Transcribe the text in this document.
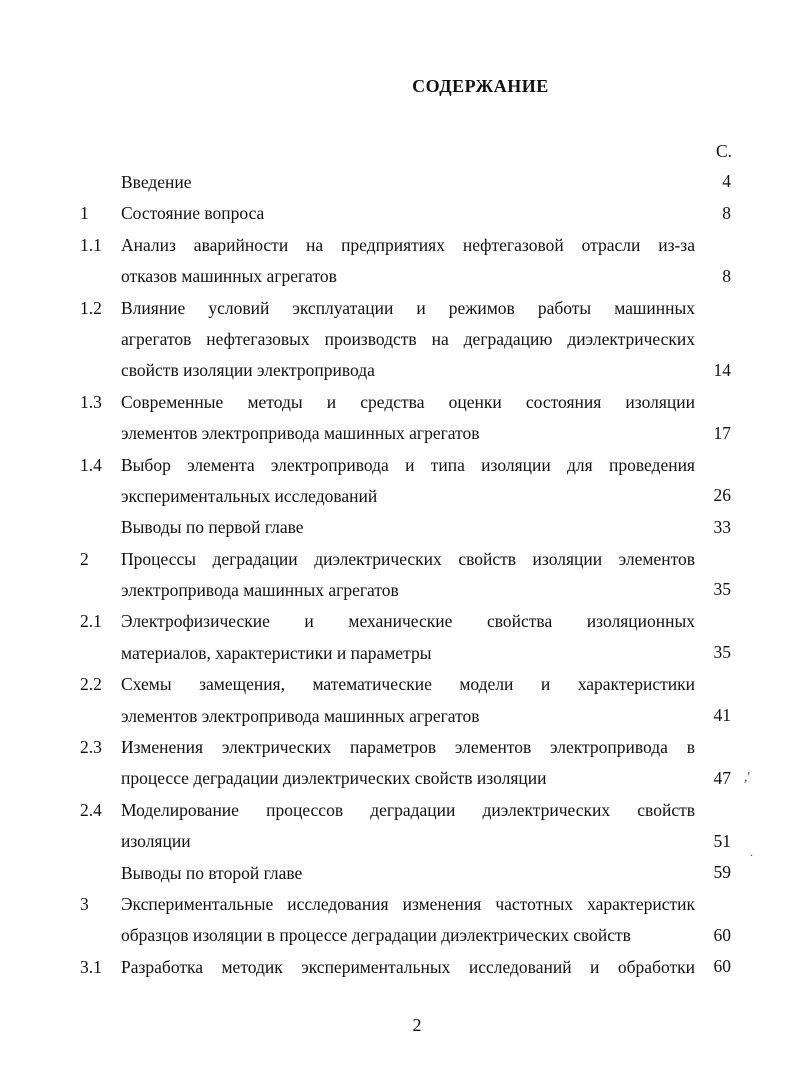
СОДЕРЖАНИЕ
С.
Введение	4
1 Состояние вопроса	8
1.1 Анализ аварийности на предприятиях нефтегазовой отрасли из-за
отказов машинных агрегатов	8
1.2 Влияние условий эксплуатации и режимов работы машинных
агрегатов нефтегазовых производств на деградацию диэлектрических
свойств изоляции электропривода	14
1.3 Современные методы и средства оценки состояния изоляции
элементов электропривода машинных агрегатов	17
1.4 Выбор элемента электропривода и типа изоляции для проведения
экспериментальных исследований	26
Выводы по первой главе	33
2 Процессы деградации диэлектрических свойств изоляции элементов
электропривода машинных агрегатов	35
2.1 Электрофизические и механические свойства изоляционных
материалов, характеристики и параметры	35
2.2 Схемы замещения, математические модели и характеристики
элементов электропривода машинных агрегатов	41
2.3 Изменения электрических параметров элементов электропривода в
процессе деградации диэлектрических свойств изоляции	47
2.4 Моделирование процессов деградации диэлектрических свойств
изоляции	51
Выводы по второй главе	59
3 Экспериментальные исследования изменения частотных характеристик
образцов изоляции в процессе деградации диэлектрических свойств	60
3.1 Разработка методик экспериментальных исследований и обработки 60
2
,'
.
